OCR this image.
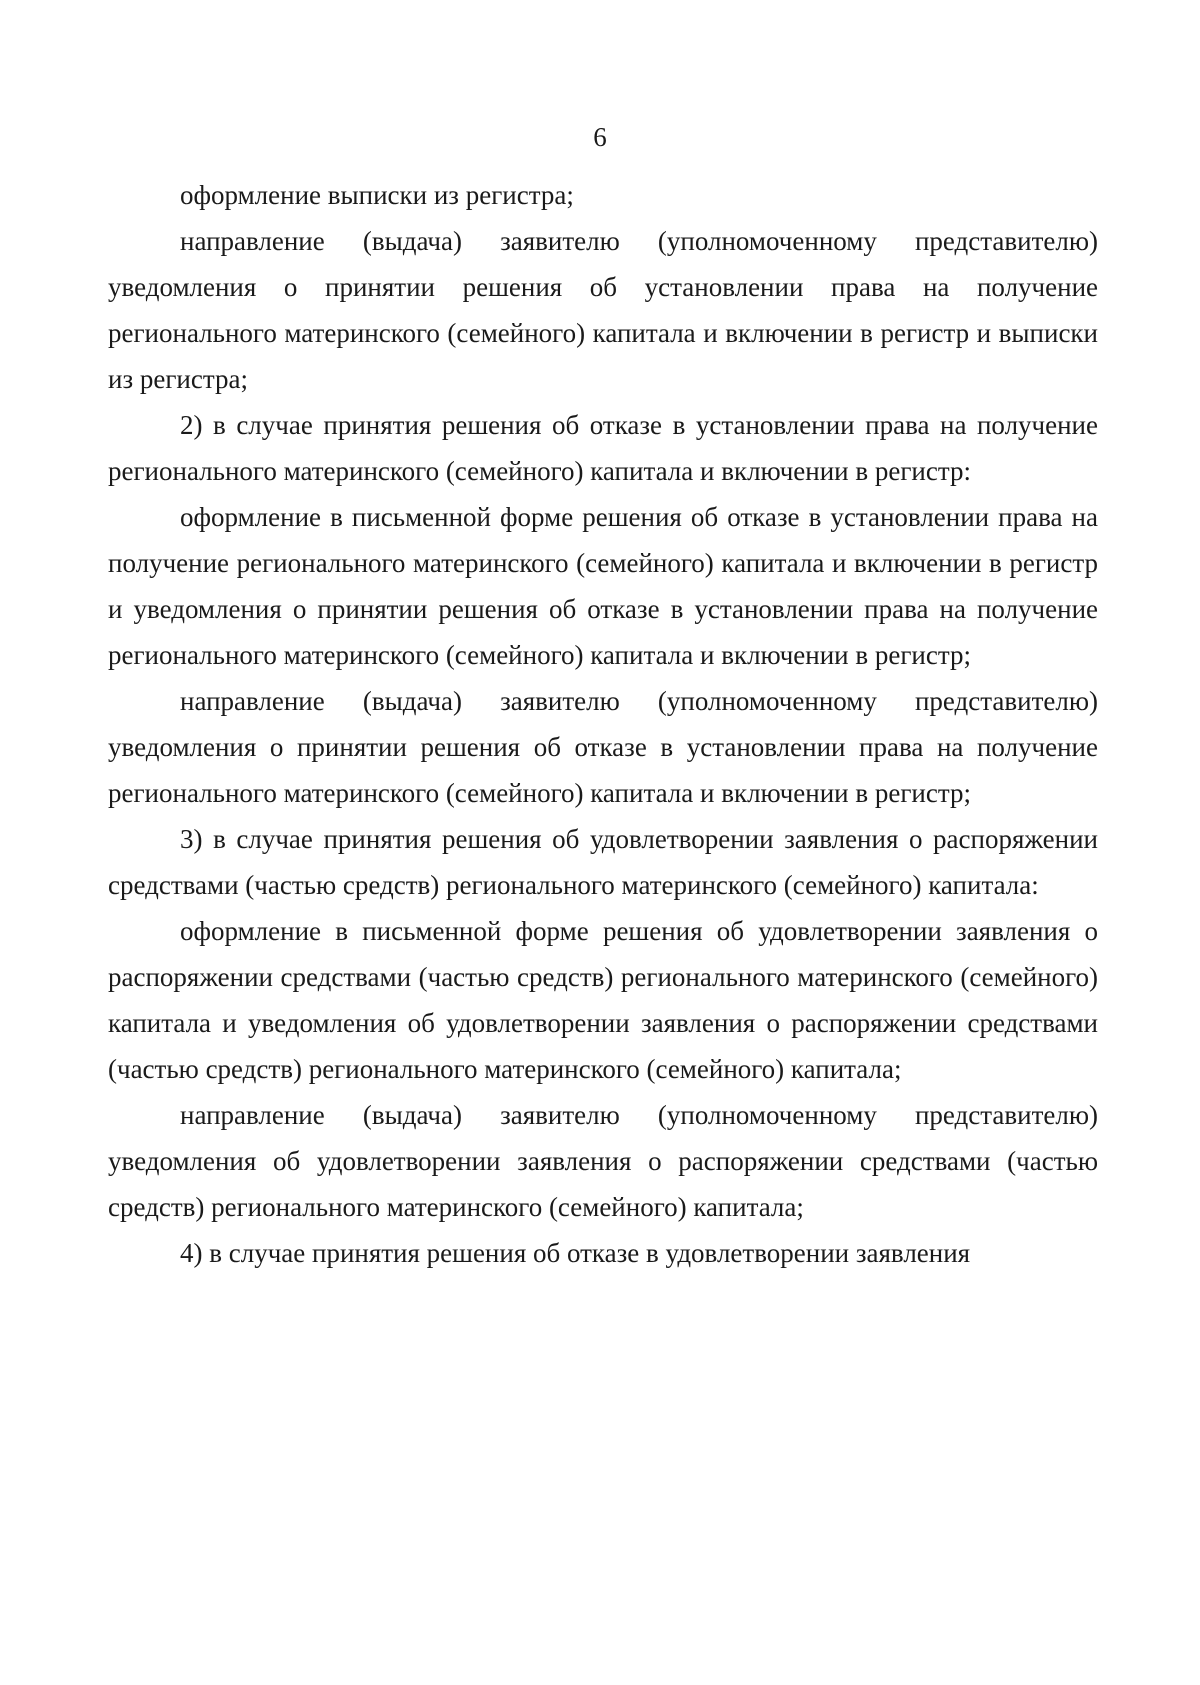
6

оформление выписки из регистра;

направление (выдача) заявителю (уполномоченному представителю) уведомления о принятии решения об установлении права на получение регионального материнского (семейного) капитала и включении в регистр и выписки из регистра;

2) в случае принятия решения об отказе в установлении права на получение регионального материнского (семейного) капитала и включении в регистр:

оформление в письменной форме решения об отказе в установлении права на получение регионального материнского (семейного) капитала и включении в регистр и уведомления о принятии решения об отказе в установлении права на получение регионального материнского (семейного) капитала и включении в регистр;

направление (выдача) заявителю (уполномоченному представителю) уведомления о принятии решения об отказе в установлении права на получение регионального материнского (семейного) капитала и включении в регистр;

3) в случае принятия решения об удовлетворении заявления о распоряжении средствами (частью средств) регионального материнского (семейного) капитала:

оформление в письменной форме решения об удовлетворении заявления о распоряжении средствами (частью средств) регионального материнского (семейного) капитала и уведомления об удовлетворении заявления о распоряжении средствами (частью средств) регионального материнского (семейного) капитала;

направление (выдача) заявителю (уполномоченному представителю) уведомления об удовлетворении заявления о распоряжении средствами (частью средств) регионального материнского (семейного) капитала;

4) в случае принятия решения об отказе в удовлетворении заявления
